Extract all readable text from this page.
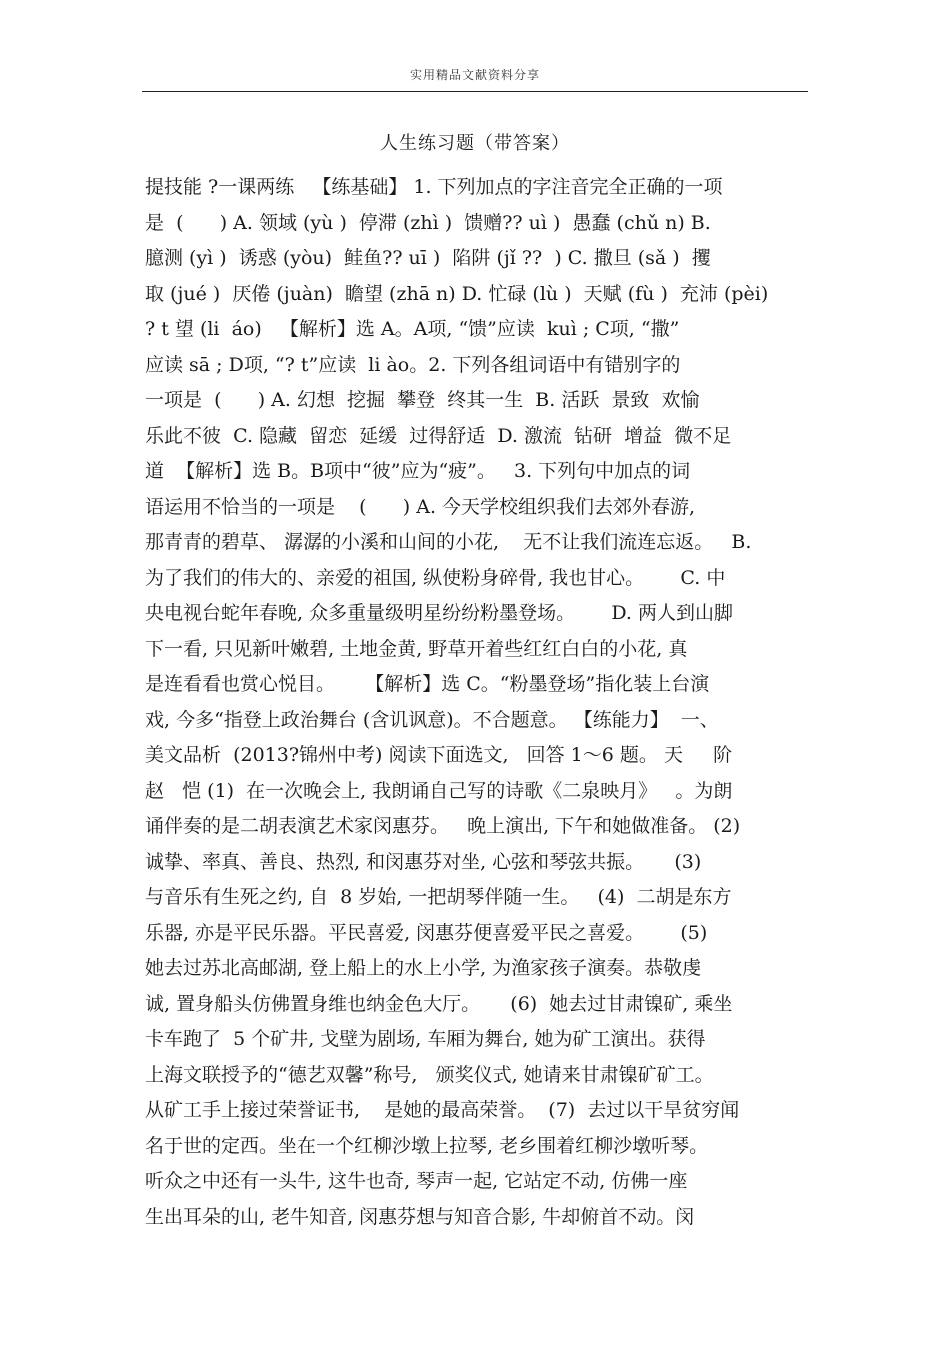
实用精品文献资料分享
人生练习题（带答案）
提技能 ?一课两练   【练基础】 1. 下列加点的字注音完全正确的一项
是  (      ) A. 领域 (yù )  停滞 (zhì )  馈赠?? uì )  愚蠢 (chǔ n) B.
臆测 (yì )  诱惑 (yòu)  鲑鱼?? uī )  陷阱 (jǐ ??  ) C. 撒旦 (sǎ )  攫
取 (jué )  厌倦 (juàn)  瞻望 (zhā n) D. 忙碌 (lù )  天赋 (fù )  充沛 (pèi)
? t 望 (li  áo)   【解析】选 A。A项, “馈”应读  kuì ; C项, “撒”
应读 sā ; D项, “? t”应读  li ào。2. 下列各组词语中有错别字的
一项是  (      ) A. 幻想  挖掘  攀登  终其一生  B. 活跃  景致  欢愉
乐此不彼  C. 隐藏  留恋  延缓  过得舒适  D. 激流  钻研  增益  微不足
道  【解析】选 B。B项中“彼”应为“疲”。   3. 下列句中加点的词
语运用不恰当的一项是    (      ) A. 今天学校组织我们去郊外春游,
那青青的碧草、 潺潺的小溪和山间的小花,    无不让我们流连忘返。   B.
为了我们的伟大的、亲爱的祖国, 纵使粉身碎骨, 我也甘心。      C. 中
央电视台蛇年春晚, 众多重量级明星纷纷粉墨登场。      D. 两人到山脚
下一看, 只见新叶嫩碧, 土地金黄, 野草开着些红红白白的小花, 真
是连看看也赏心悦目。     【解析】选 C。“粉墨登场”指化装上台演
戏, 今多“指登上政治舞台 (含讥讽意)。不合题意。 【练能力】  一、
美文品析  (2013?锦州中考) 阅读下面选文,   回答 1～6 题。 天     阶
赵   恺 (1)  在一次晚会上, 我朗诵自己写的诗歌《二泉映月》   。为朗
诵伴奏的是二胡表演艺术家闵惠芬。   晚上演出, 下午和她做准备。 (2)
诚挚、率真、善良、热烈, 和闵惠芬对坐, 心弦和琴弦共振。     (3)
与音乐有生死之约, 自  8 岁始, 一把胡琴伴随一生。   (4)  二胡是东方
乐器, 亦是平民乐器。平民喜爱, 闵惠芬便喜爱平民之喜爱。      (5)
她去过苏北高邮湖, 登上船上的水上小学, 为渔家孩子演奏。恭敬虔
诚, 置身船头仿佛置身维也纳金色大厅。     (6)  她去过甘肃镍矿, 乘坐
卡车跑了  5 个矿井, 戈壁为剧场, 车厢为舞台, 她为矿工演出。获得
上海文联授予的“德艺双馨”称号,   颁奖仪式, 她请来甘肃镍矿矿工。
从矿工手上接过荣誉证书,    是她的最高荣誉。  (7)  去过以干旱贫穷闻
名于世的定西。坐在一个红柳沙墩上拉琴, 老乡围着红柳沙墩听琴。
听众之中还有一头牛, 这牛也奇, 琴声一起, 它站定不动, 仿佛一座
生出耳朵的山, 老牛知音, 闵惠芬想与知音合影, 牛却俯首不动。闵
